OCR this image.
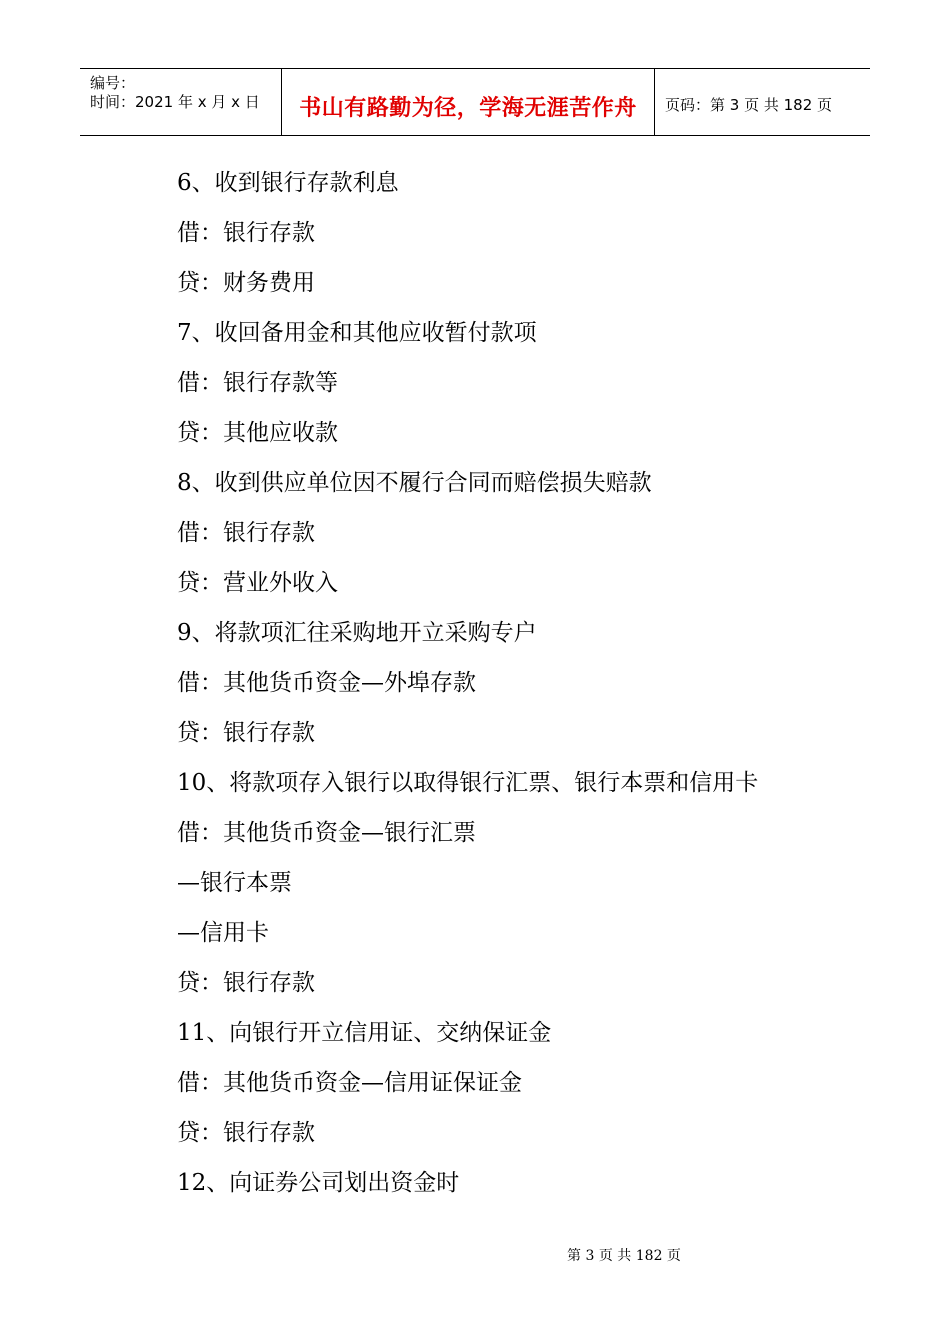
编号：
时间：2021 年 x 月 x 日	书山有路勤为径，学海无涯苦作舟	页码：第 3 页 共 182 页
6、收到银行存款利息
借：银行存款
贷：财务费用
7、收回备用金和其他应收暂付款项
借：银行存款等
贷：其他应收款
8、收到供应单位因不履行合同而赔偿损失赔款
借：银行存款
贷：营业外收入
9、将款项汇往采购地开立采购专户
借：其他货币资金—外埠存款
贷：银行存款
10、将款项存入银行以取得银行汇票、银行本票和信用卡
借：其他货币资金—银行汇票
—银行本票
—信用卡
贷：银行存款
11、向银行开立信用证、交纳保证金
借：其他货币资金—信用证保证金
贷：银行存款
12、向证券公司划出资金时
第 3 页 共 182 页
